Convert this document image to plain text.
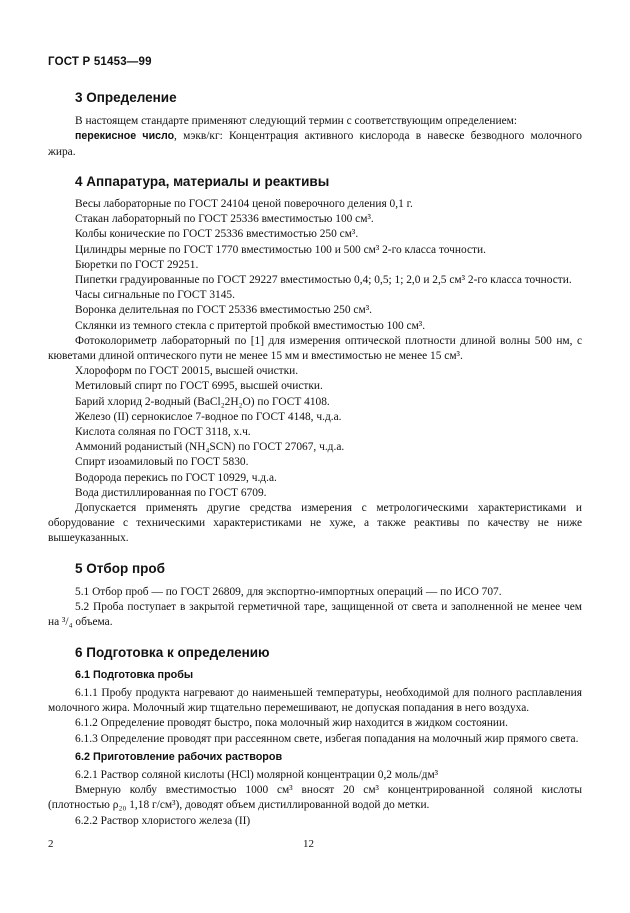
ГОСТ Р 51453—99
3 Определение

В настоящем стандарте применяют следующий термин с соответствующим определением:

перекисное число, мэкв/кг: Концентрация активного кислорода в навеске безводного молочного жира.

4 Аппаратура, материалы и реактивы

Весы лабораторные по ГОСТ 24104 ценой поверочного деления 0,1 г.

Стакан лабораторный по ГОСТ 25336 вместимостью 100 см³.

Колбы конические по ГОСТ 25336 вместимостью 250 см³.

Цилиндры мерные по ГОСТ 1770 вместимостью 100 и 500 см³ 2-го класса точности.

Бюретки по ГОСТ 29251.

Пипетки градуированные по ГОСТ 29227 вместимостью 0,4; 0,5; 1; 2,0 и 2,5 см³ 2-го класса точности.

Часы сигнальные по ГОСТ 3145.

Воронка делительная по ГОСТ 25336 вместимостью 250 см³.

Склянки из темного стекла с притертой пробкой вместимостью 100 см³.

Фотоколориметр лабораторный по [1] для измерения оптической плотности длиной волны 500 нм, с кюветами длиной оптического пути не менее 15 мм и вместимостью не менее 15 см³.

Хлороформ по ГОСТ 20015, высшей очистки.

Метиловый спирт по ГОСТ 6995, высшей очистки.

Барий хлорид 2-водный (BaCl₂2H₂O) по ГОСТ 4108.

Железо (II) сернокислое 7-водное по ГОСТ 4148, ч.д.а.

Кислота соляная по ГОСТ 3118, х.ч.

Аммоний роданистый (NH₄SCN) по ГОСТ 27067, ч.д.а.

Спирт изоамиловый по ГОСТ 5830.

Водорода перекись по ГОСТ 10929, ч.д.а.

Вода дистиллированная по ГОСТ 6709.

Допускается применять другие средства измерения с метрологическими характеристиками и оборудование с техническими характеристиками не хуже, а также реактивы по качеству не ниже вышеуказанных.

5 Отбор проб

5.1 Отбор проб — по ГОСТ 26809, для экспортно-импортных операций — по ИСО 707.

5.2 Проба поступает в закрытой герметичной таре, защищенной от света и заполненной не менее чем на ³/₄ объема.

6 Подготовка к определению
6.1 Подготовка пробы

6.1.1 Пробу продукта нагревают до наименьшей температуры, необходимой для полного расплавления молочного жира. Молочный жир тщательно перемешивают, не допуская попадания в него воздуха.

6.1.2 Определение проводят быстро, пока молочный жир находится в жидком состоянии.

6.1.3 Определение проводят при рассеянном свете, избегая попадания на молочный жир прямого света.

6.2 Приготовление рабочих растворов

6.2.1 Раствор соляной кислоты (HCl) молярной концентрации 0,2 моль/дм³

Вмерную колбу вместимостью 1000 см³ вносят 20 см³ концентрированной соляной кислоты (плотностью ρ₂₀ 1,18 г/см³), доводят объем дистиллированной водой до метки.

6.2.2 Раствор хлористого железа (II)

2	12
